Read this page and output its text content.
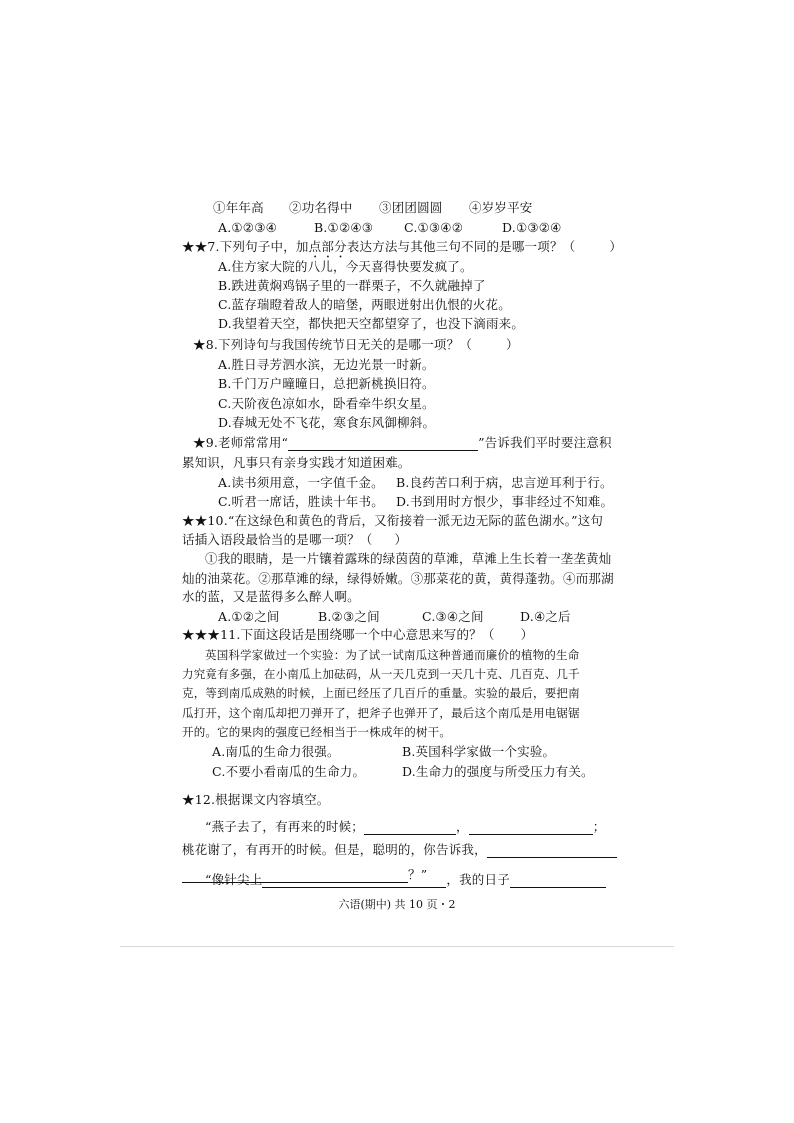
①年年高 ②功名得中 ③团团圆圆 ④岁岁平安
A.①②③④	B.①②④③ C.①③④②	D.①③②④
★★7.下列句子中，加点部分表达方法与其他三句不同的是哪一项？（	）
A.住方家大院的八儿，今天喜得快要发疯了。
B.跌进黄焖鸡锅子里的一群栗子，不久就融掉了
C.蓝存瑞瞪着敌人的暗堡，两眼迸射出仇恨的火花。
D.我望着天空，都快把天空都望穿了，也没下滴雨来。
★8.下列诗句与我国传统节日无关的是哪一项？（	）
A.胜日寻芳泗水滨，无边光景一时新。
B.千门万户曈曈日，总把新桃换旧符。
C.天阶夜色凉如水，卧看牵牛织女星。
D.春城无处不飞花，寒食东风御柳斜。
★9.老师常常用“	”告诉我们平时要注意积
累知识，凡事只有亲身实践才知道困难。
A.读书须用意，一字值千金。 B.良药苦口利于病，忠言逆耳利于行。
C.听君一席话，胜读十年书。 D.书到用时方恨少，事非经过不知难。
★★10.“在这绿色和黄色的背后，又衔接着一派无边无际的蓝色湖水。”这句
话插入语段最恰当的是哪一项？（ ）
①我的眼睛，是一片镶着露珠的绿茵茵的草滩，草滩上生长着一垄垄黄灿
灿的油菜花。②那草滩的绿，绿得娇嫩。③那菜花的黄，黄得蓬勃。④而那湖
水的蓝，又是蓝得多么醉人啊。
A.①②之间	B.②③之间	C.③④之间	D.④之后
★★★11.下面这段话是围绕哪一个中心意思来写的？（ ）
英国科学家做过一个实验：为了试一试南瓜这种普通而廉价的植物的生命
力究竟有多强，在小南瓜上加砝码，从一天几克到一天几十克、几百克、几千
克，等到南瓜成熟的时候，上面已经压了几百斤的重量。实验的最后，要把南
瓜打开，这个南瓜却把刀弹开了，把斧子也弹开了，最后这个南瓜是用电锯锯
开的。它的果肉的强度已经相当于一株成年的树干。
A.南瓜的生命力很强。	B.英国科学家做一个实验。
C.不要小看南瓜的生命力。	D.生命力的强度与所受压力有关。
★12.根据课文内容填空。
“燕子去了，有再来的时候；	，	；
桃花谢了，有再开的时候。但是，聪明的，你告诉我，
？”
“像针尖上	，我的日子
六语(期中) 共 10 页・2
